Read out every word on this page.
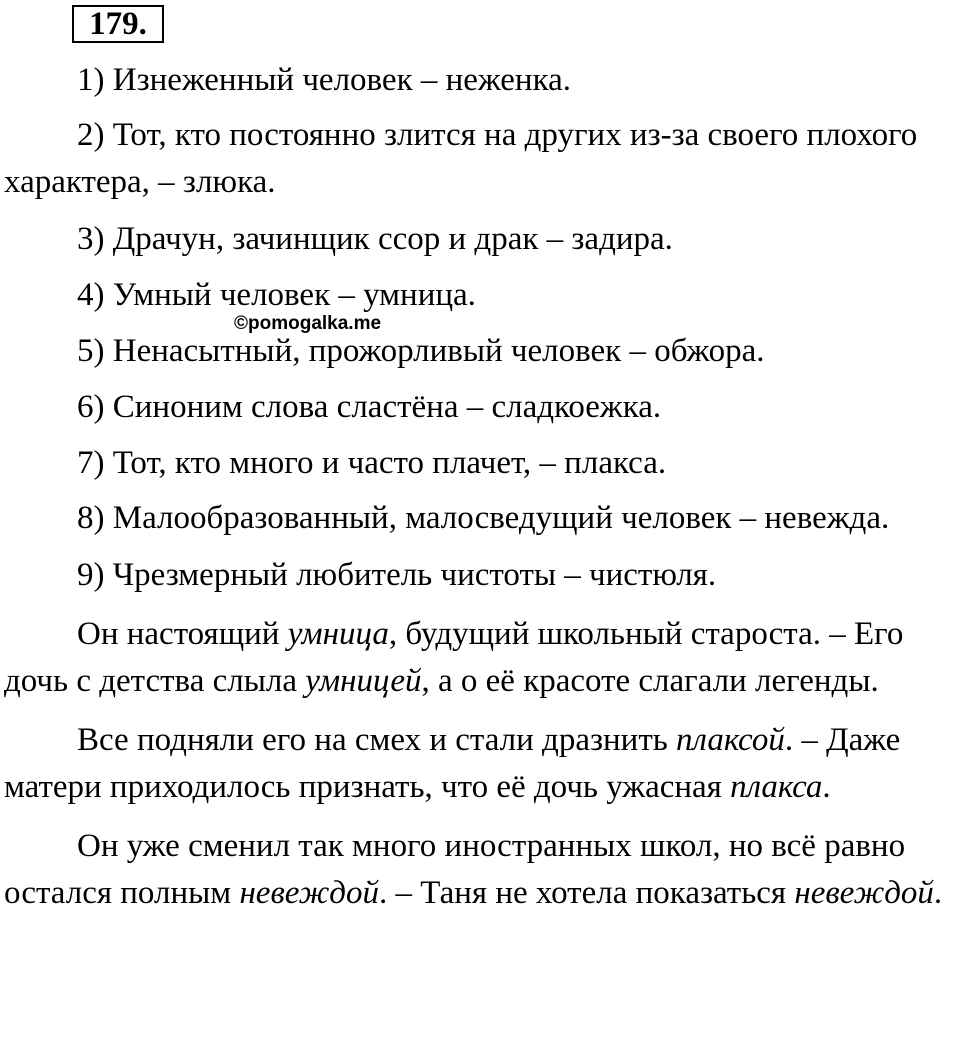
179.
©pomogalka.me

1) Изнеженный человек – неженка.

2) Тот, кто постоянно злится на других из-за своего плохого характера, – злюка.

3) Драчун, зачинщик ссор и драк – задира.

4) Умный человек – умница.

5) Ненасытный, прожорливый человек – обжора.

6) Синоним слова сластёна – сладкоежка.

7) Тот, кто много и часто плачет, – плакса.

8) Малообразованный, малосведущий человек – невежда.

9) Чрезмерный любитель чистоты – чистюля.

Он настоящий умница, будущий школьный староста. – Его дочь с детства слыла умницей, а о её красоте слагали легенды.

Все подняли его на смех и стали дразнить плаксой. – Даже матери приходилось признать, что её дочь ужасная плакса.

Он уже сменил так много иностранных школ, но всё равно остался полным невеждой. – Таня не хотела показаться невеждой.
